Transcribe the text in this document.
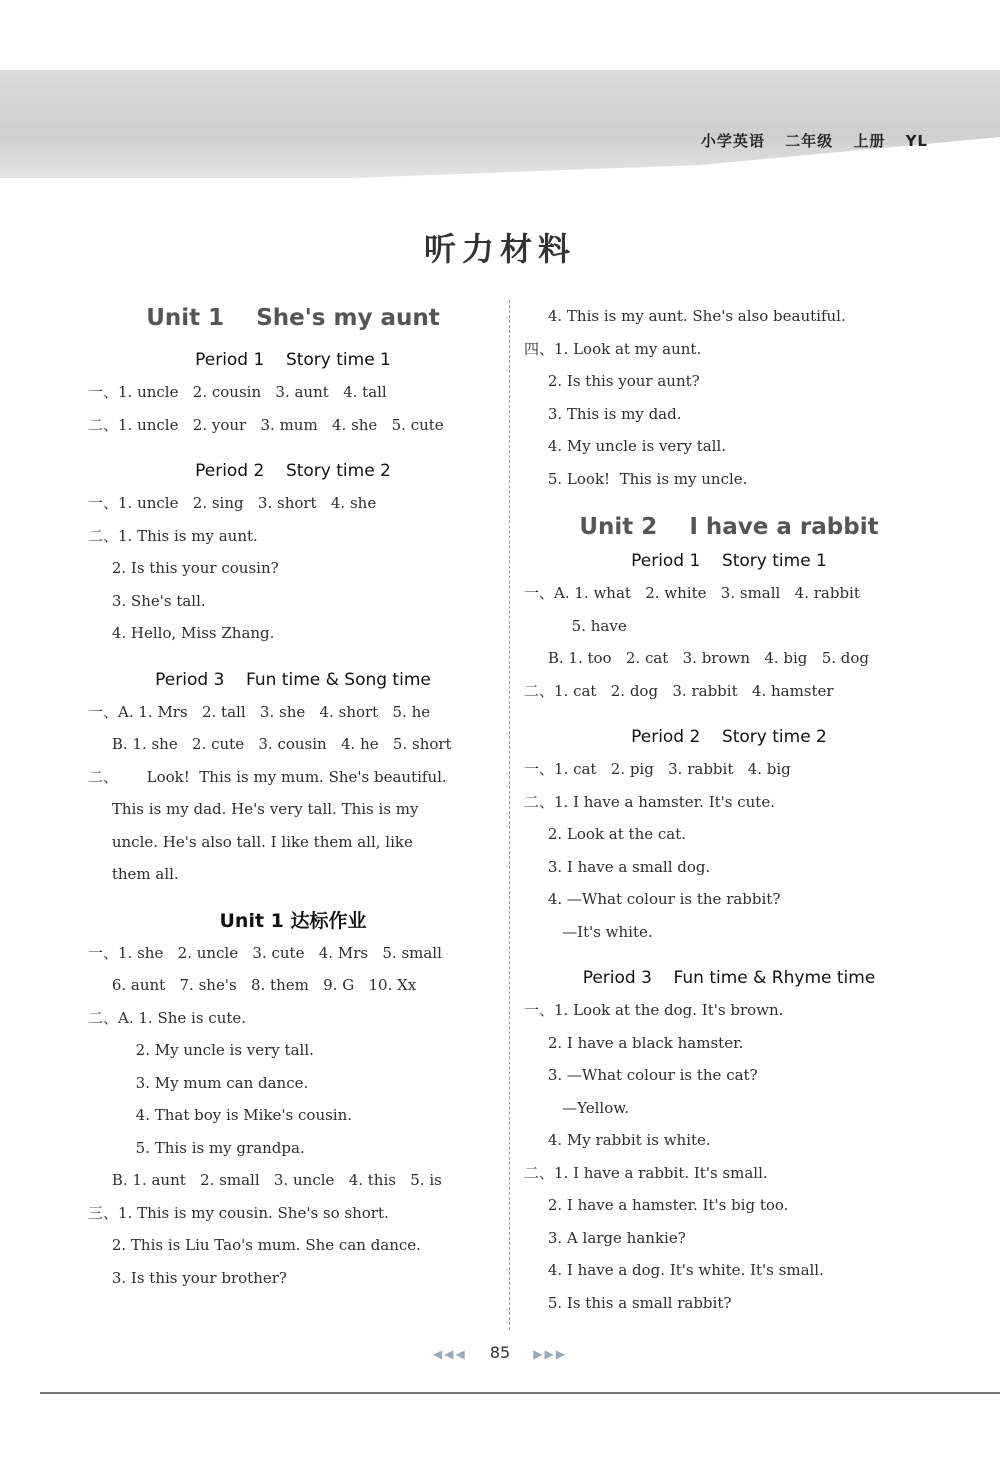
小学英语 二年级 上册 YL
听力材料
Unit 1    She's my aunt
Period 1    Story time 1
一、1. uncle   2. cousin   3. aunt   4. tall
二、1. uncle   2. your   3. mum   4. she   5. cute
Period 2    Story time 2
一、1. uncle   2. sing   3. short   4. she
二、1. This is my aunt.
2. Is this your cousin?
3. She's tall.
4. Hello, Miss Zhang.
Period 3    Fun time & Song time
一、A. 1. Mrs   2. tall   3. she   4. short   5. he
B. 1. she   2. cute   3. cousin   4. he   5. short
二、      Look!  This is my mum. She's beautiful.
This is my dad. He's very tall. This is my
uncle. He's also tall. I like them all, like
them all.
Unit 1 达标作业
一、1. she   2. uncle   3. cute   4. Mrs   5. small
6. aunt   7. she's   8. them   9. G   10. Xx
二、A. 1. She is cute.
2. My uncle is very tall.
3. My mum can dance.
4. That boy is Mike's cousin.
5. This is my grandpa.
B. 1. aunt   2. small   3. uncle   4. this   5. is
三、1. This is my cousin. She's so short.
2. This is Liu Tao's mum. She can dance.
3. Is this your brother?
4. This is my aunt. She's also beautiful.
四、1. Look at my aunt.
2. Is this your aunt?
3. This is my dad.
4. My uncle is very tall.
5. Look!  This is my uncle.
Unit 2    I have a rabbit
Period 1    Story time 1
一、A. 1. what   2. white   3. small   4. rabbit
5. have
B. 1. too   2. cat   3. brown   4. big   5. dog
二、1. cat   2. dog   3. rabbit   4. hamster
Period 2    Story time 2
一、1. cat   2. pig   3. rabbit   4. big
二、1. I have a hamster. It's cute.
2. Look at the cat.
3. I have a small dog.
4. —What colour is the rabbit?
—It's white.
Period 3    Fun time & Rhyme time
一、1. Look at the dog. It's brown.
2. I have a black hamster.
3. —What colour is the cat?
—Yellow.
4. My rabbit is white.
二、1. I have a rabbit. It's small.
2. I have a hamster. It's big too.
3. A large hankie?
4. I have a dog. It's white. It's small.
5. Is this a small rabbit?
◀◀◀ 85 ▶▶▶
